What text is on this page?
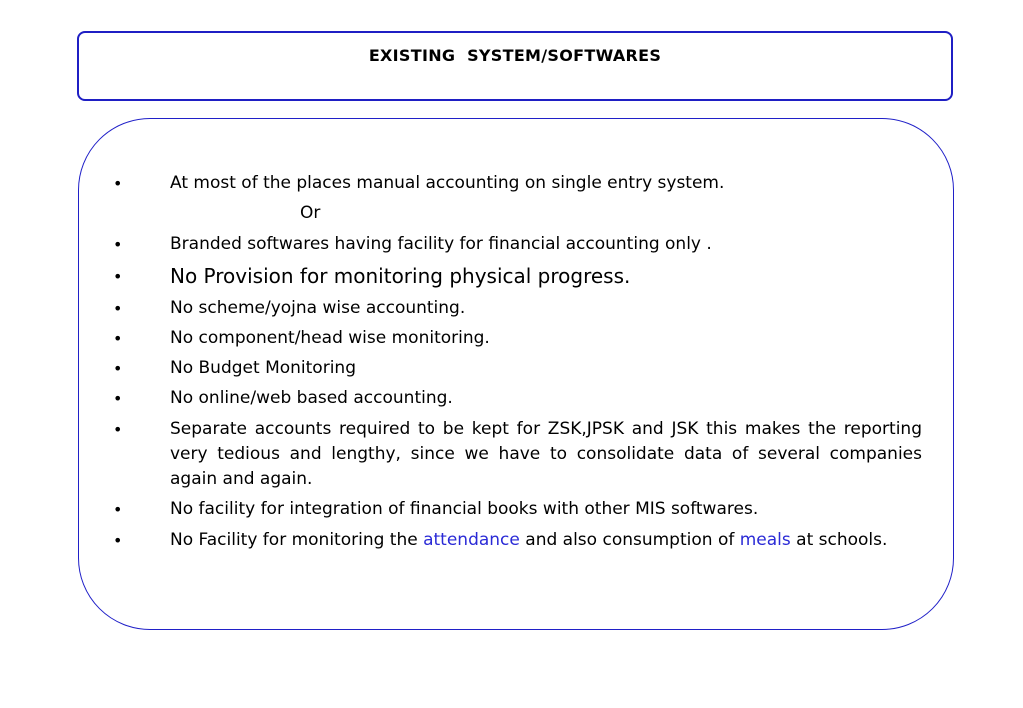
EXISTING  SYSTEM/SOFTWARES
•	At most of the places manual accounting on single entry system.
Or
•	Branded softwares having facility for financial accounting only .
• No Provision for monitoring physical progress.
•	No scheme/yojna wise accounting.
•	No component/head wise monitoring.
•	No Budget Monitoring
•	No online/web based accounting.
•	Separate accounts required to be kept for ZSK,JPSK and JSK this makes the reporting very tedious and lengthy, since we have to consolidate data of several companies again and again.
•	No facility for integration of financial books with other MIS softwares.
•	No Facility for monitoring the attendance and also consumption of meals at schools.
